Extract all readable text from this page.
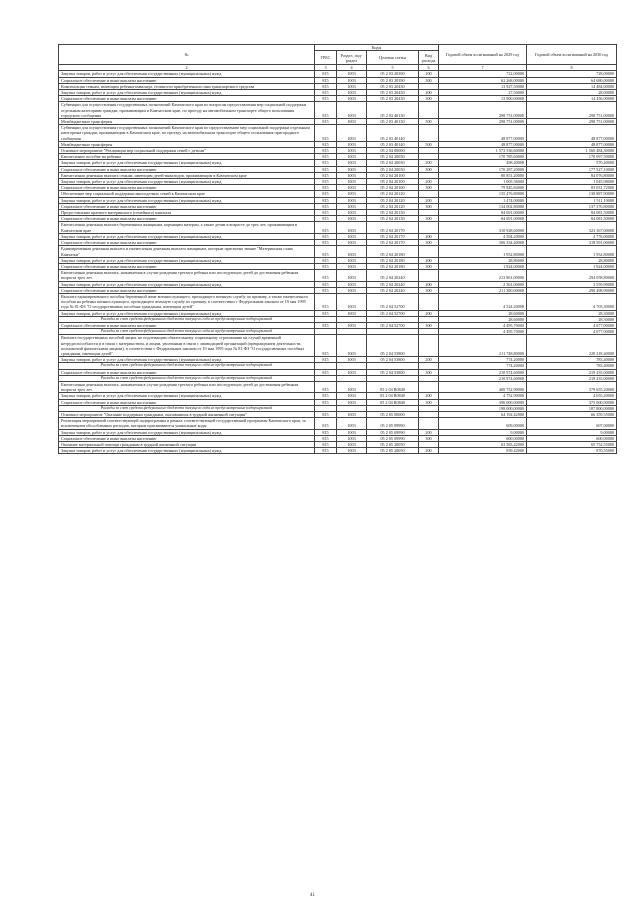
№	Коды				Годовой объем ассигнований на 2029 год	Годовой объем ассигнований на 2030 год
	ГРБС	Раздел, под-раздел	Целевая статья	Вид расхода		
2	3	4	5	6	7	8
Закупка товаров, работ и услуг для обеспечения государственных (муниципальных) нужд	815	1003	05 2 03 20390	200	722,00000	728,00000
Социальное обеспечение и иные выплаты населению	815	1003	05 2 03 20390	300	62 268,00000	64 680,00000
Компенсация семьям, имеющим ребенка-инвалида, стоимости приобретенного ими транспортного средства	815	1003	05 2 03 20430		13 927,50000	14 484,00000
Закупка товаров, работ и услуг для обеспечения государственных (муниципальных) нужд	815	1003	05 2 03 20430	200	27,50000	28,00000
Социальное обеспечение и иные выплаты населению	815	1003	05 2 03 20430	300	13 900,00000	14 456,00000
Субвенции для осуществления государственных полномочий Камчатского края по вопросам предоставления мер социальной поддержки отдельным категориям граждан, проживающим в Камчатском крае, по проезду на автомобильном транспорте общего пользования городского сообщения	815	1003	05 2 03 40130		298 751,00000	298 751,00000
Межбюджетные трансферты	815	1003	05 2 03 40130	500	298 751,00000	298 751,00000
Субвенции для осуществления государственных полномочий Камчатского края по предоставлению мер социальной поддержки отдельным категориям граждан, проживающим в Камчатском крае, по проезду на автомобильном транспорте общего пользования пригородного сообщения	815	1003	05 2 03 40140		48 877,00000	48 877,00000
Межбюджетные трансферты	815	1003	05 2 03 40140	500	48 877,00000	48 877,00000
Основное мероприятие "Реализация мер социальной поддержки семей с детьми"	815	1003	05 2 04 00000		1 573 536,60000	1 560 484,30000
Ежемесячное пособие на ребенка	815	1003	05 2 04 20030		170 785,60000	178 097,50000
Закупка товаров, работ и услуг для обеспечения государственных (муниципальных) нужд	815	1003	05 2 04 20030	200	498,40000	570,40000
Социальное обеспечение и иные выплаты населению	815	1003	05 2 04 20030	300	170 287,20000	177 527,10000
Ежемесячная денежная выплата семьям, имеющим детей-инвалидов, проживающим в Камчатском крае	815	1003	05 2 04 20100		80 851,20000	84 076,80000
Закупка товаров, работ и услуг для обеспечения государственных (муниципальных) нужд	815	1003	05 2 04 20100	200	1 005,36000	1 045,08000
Социальное обеспечение и иные выплаты населению	815	1003	05 2 04 20100	300	79 845,84000	83 031,72000
Обеспечение мер социальной поддержки многодетных семей в Камчатском крае	815	1003	05 2 04 20120		135 476,80000	138 887,90000
Закупка товаров, работ и услуг для обеспечения государственных (муниципальных) нужд	815	1003	05 2 04 20120	200	1 474,00000	1 511,10000
Социальное обеспечение и иные выплаты населению	815	1003	05 2 04 20120	300	134 002,80000	137 376,80000
Предоставление краевого материнского (семейного) капитала	815	1003	05 2 04 20130		84 691,00000	84 081,50000
Социальное обеспечение и иные выплаты населению	815	1003	05 2 04 20130	300	84 691,00000	84 081,50000
Ежемесячная денежная выплата беременным женщинам, кормящим матерям, а также детям в возрасте до трех лет, проживающим в Камчатском крае	815	1003	05 2 04 20170		310 928,60000	323 367,00000
Закупка товаров, работ и услуг для обеспечения государственных (муниципальных) нужд	815	1003	05 2 04 20170	200	4 594,20000	4 776,00000
Социальное обеспечение и иные выплаты населению	815	1003	05 2 04 20170	300	306 334,40000	318 591,00000
Единовременная денежная выплата и ежемесячная денежная выплата женщинам, которым присвоено звание "Материнская слава Камчатки"	815	1003	05 2 04 20180		1 952,80000	1 952,80000
Закупка товаров, работ и услуг для обеспечения государственных (муниципальных) нужд	815	1003	05 2 04 20180	200	28,80000	28,80000
Социальное обеспечение и иные выплаты населению	815	1003	05 2 04 20180	300	1 924,00000	1 924,00000
Ежемесячная денежная выплата, назначаемая в случае рождения третьего ребенка или последующих детей до достижения ребенком возраста трех лет	815	1003	05 2 04 20240		213 861,00000	294 058,80000
Закупка товаров, работ и услуг для обеспечения государственных (муниципальных) нужд	815	1003	05 2 04 20240	200	2 561,00000	3 559,90000
Социальное обеспечение и иные выплаты населению	815	1003	05 2 04 20240	300	211 300,00000	290 498,90000
Выплата единовременного пособия беременной жене военнослужащего, проходящего военную службу по призыву, а также ежемесячного пособия на ребенка военнослужащего, проходящего военную службу по призыву, в соответствии с Федеральным законом от 19 мая 1995 года № 81-ФЗ "О государственных пособиях гражданам, имеющим детей"	815	1003	05 2 04 52700		4 524,20000	4 705,30000
Закупка товаров, работ и услуг для обеспечения государственных (муниципальных) нужд	815	1003	05 2 04 52700	200	28,60000	28,30000
Расходы за счет средств федерального бюджета текущего года не предусмотренные подпрограммой					28,60000	28,30000
Социальное обеспечение и иные выплаты населению	815	1003	05 2 04 52700	300	4 495,70000	4 677,00000
Расходы за счет средств федерального бюджета текущего года не предусмотренные подпрограммой					4 495,70000	4 677,00000
Выплата государственных пособий лицам, не подлежащим обязательному социальному страхованию на случай временной нетрудоспособности и в связи с материнством, и лицам, уволенным в связи с ликвидацией организаций (прекращением деятельности, полномочий физическими лицами), в соответствии с Федеральным законом от 19 мая 1995 года № 81-ФЗ "О государственных пособиях гражданам, имеющим детей"	815	1003	05 2 04 53800		211 748,80000	220 218,40000
Закупка товаров, работ и услуг для обеспечения государственных (муниципальных) нужд	815	1003	05 2 04 53800	200	774,20000	783,40000
Расходы за счет средств федерального бюджета текущего года не предусмотренные подпрограммой					774,20000	783,40000
Социальное обеспечение и иные выплаты населению	815	1003	05 2 04 53800	300	210 974,60000	219 435,00000
Расходы за счет средств федерального бюджета текущего года не предусмотренные подпрограммой					210 974,60000	219 435,00000
Ежемесячная денежная выплата, назначаемая в случае рождения третьего ребенка или последующих детей до достижения ребенком возраста трех лет	815	1003	05 2 04 R0840		400 752,90000	379 655,20000
Закупка товаров, работ и услуг для обеспечения государственных (муниципальных) нужд	815	1003	05 2 04 R0840	200	4 752,90000	4 655,20000
Социальное обеспечение и иные выплаты населению	815	1003	05 2 04 R0840	300	396 000,00000	375 000,00000
Расходы за счет средств федерального бюджета текущего года не предусмотренные подпрограммой					198 000,00000	187 800,00000
Основное мероприятие "Оказание поддержки гражданам, оказавшимся в трудной жизненной ситуации"	815	1003	05 2 05 00000		64 192,42000	66 359,55000
Реализация мероприятий соответствующей подпрограммы в рамках соответствующей государственной программы Камчатского края, за исключением обособленных расходов, которым присваиваются уникальные коды	815	1003	05 2 05 09990		609,00000	607,00000
Закупка товаров, работ и услуг для обеспечения государственных (муниципальных) нужд	815	1003	05 2 05 09990	200	9,00000	9,00000
Социальное обеспечение и иные выплаты населению	815	1003	05 2 05 09990	300	600,00000	600,00000
Оказание материальной помощи гражданам в трудной жизненной ситуации	815	1003	05 2 05 20050		63 583,42000	65 752,55000
Закупка товаров, работ и услуг для обеспечения государственных (муниципальных) нужд	815	1003	05 2 05 20050	200	939,42000	970,55000
41
